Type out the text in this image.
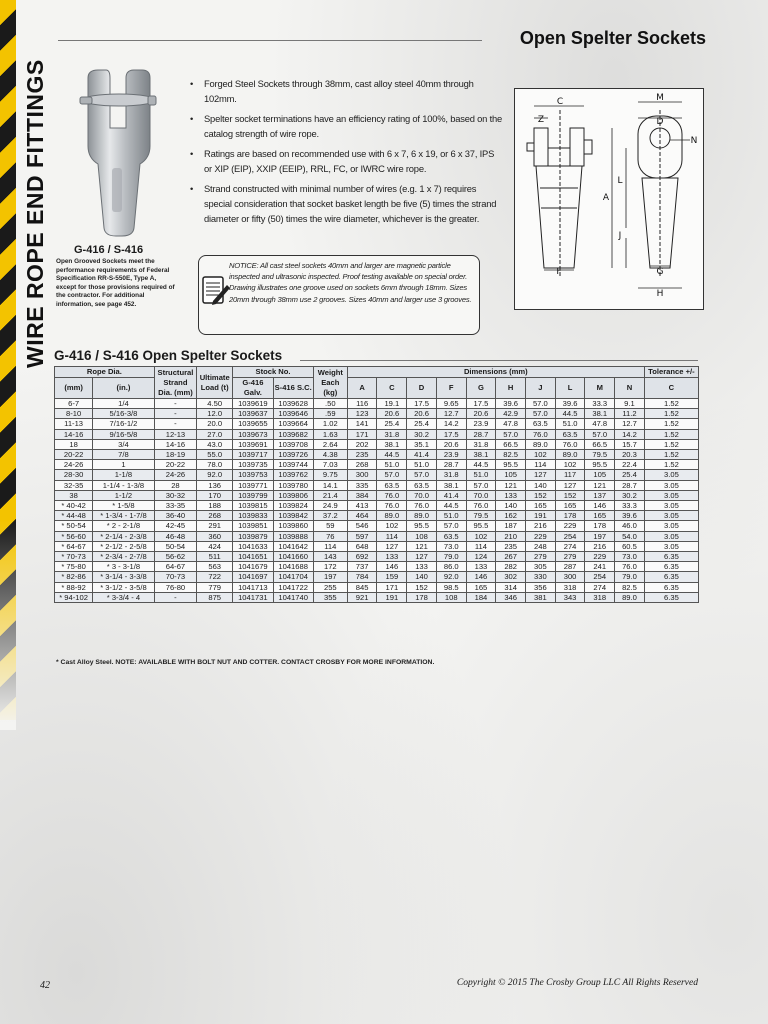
WIRE ROPE END FITTINGS
Open Spelter Sockets
G-416 / S-416
Open Grooved Sockets meet the performance requirements of Federal Specification RR-S-550E, Type A, except for those provisions required of the contractor. For additional information, see page 452.
• Forged Steel Sockets through 38mm, cast alloy steel 40mm through 102mm.
• Spelter socket terminations have an efficiency rating of 100%, based on the catalog strength of wire rope.
• Ratings are based on recommended use with 6 x 7, 6 x 19, or 6 x 37, IPS or XIP (EIP), XXIP (EEIP), RRL, FC, or IWRC wire rope.
• Strand constructed with minimal number of wires (e.g. 1 x 7) requires special consideration that socket basket length be five (5) times the strand diameter or fifty (50) times the wire diameter, whichever is the greater.
NOTICE: All cast steel sockets 40mm and larger are magnetic particle inspected and ultrasonic inspected. Proof testing available on special order. Drawing illustrates one groove used on sockets 6mm through 18mm. Sizes 20mm through 38mm use 2 grooves. Sizes 40mm and larger use 3 grooves.
C
Z
M
D
N
L
A
J
F	G
H
G-416 / S-416 Open Spelter Sockets
Rope Dia.		Structural Strand Dia. (mm)	Ultimate Load (t)	Stock No.		Weight Each (kg)	Dimensions (mm)										Tolerance +/-
				G-416 Galv.	S-416 S.C.												
(mm)	(in.)						A	C	D	F	G	H	J	L	M	N	C
6-7	1/4	-	4.50	1039619	1039628	.50	116	19.1	17.5	9.65	17.5	39.6	57.0	39.6	33.3	9.1	1.52
8-10	5/16-3/8	-	12.0	1039637	1039646	.59	123	20.6	20.6	12.7	20.6	42.9	57.0	44.5	38.1	11.2	1.52
11-13	7/16-1/2	-	20.0	1039655	1039664	1.02	141	25.4	25.4	14.2	23.9	47.8	63.5	51.0	47.8	12.7	1.52
14-16	9/16-5/8	12-13	27.0	1039673	1039682	1.63	171	31.8	30.2	17.5	28.7	57.0	76.0	63.5	57.0	14.2	1.52
18	3/4	14-16	43.0	1039691	1039708	2.64	202	38.1	35.1	20.6	31.8	66.5	89.0	76.0	66.5	15.7	1.52
20-22	7/8	18-19	55.0	1039717	1039726	4.38	235	44.5	41.4	23.9	38.1	82.5	102	89.0	79.5	20.3	1.52
24-26	1	20-22	78.0	1039735	1039744	7.03	268	51.0	51.0	28.7	44.5	95.5	114	102	95.5	22.4	1.52
28-30	1-1/8	24-26	92.0	1039753	1039762	9.75	300	57.0	57.0	31.8	51.0	105	127	117	105	25.4	3.05
32-35	1-1/4 - 1-3/8	28	136	1039771	1039780	14.1	335	63.5	63.5	38.1	57.0	121	140	127	121	28.7	3.05
38	1-1/2	30-32	170	1039799	1039806	21.4	384	76.0	70.0	41.4	70.0	133	152	152	137	30.2	3.05
* 40-42	* 1-5/8	33-35	188	1039815	1039824	24.9	413	76.0	76.0	44.5	76.0	140	165	165	146	33.3	3.05
* 44-48	* 1-3/4 - 1-7/8	36-40	268	1039833	1039842	37.2	464	89.0	89.0	51.0	79.5	162	191	178	165	39.6	3.05
* 50-54	* 2 - 2-1/8	42-45	291	1039851	1039860	59	546	102	95.5	57.0	95.5	187	216	229	178	46.0	3.05
* 56-60	* 2-1/4 - 2-3/8	46-48	360	1039879	1039888	76	597	114	108	63.5	102	210	229	254	197	54.0	3.05
* 64-67	* 2-1/2 - 2-5/8	50-54	424	1041633	1041642	114	648	127	121	73.0	114	235	248	274	216	60.5	3.05
* 70-73	* 2-3/4 - 2-7/8	56-62	511	1041651	1041660	143	692	133	127	79.0	124	267	279	279	229	73.0	6.35
* 75-80	* 3 - 3-1/8	64-67	563	1041679	1041688	172	737	146	133	86.0	133	282	305	287	241	76.0	6.35
* 82-86	* 3-1/4 - 3-3/8	70-73	722	1041697	1041704	197	784	159	140	92.0	146	302	330	300	254	79.0	6.35
* 88-92	* 3-1/2 - 3-5/8	76-80	779	1041713	1041722	255	845	171	152	98.5	165	314	356	318	274	82.5	6.35
* 94-102	* 3-3/4 - 4	-	875	1041731	1041740	355	921	191	178	108	184	346	381	343	318	89.0	6.35
* Cast Alloy Steel. NOTE: AVAILABLE WITH BOLT NUT AND COTTER. CONTACT CROSBY FOR MORE INFORMATION.
42	Copyright © 2015 The Crosby Group LLC All Rights Reserved
